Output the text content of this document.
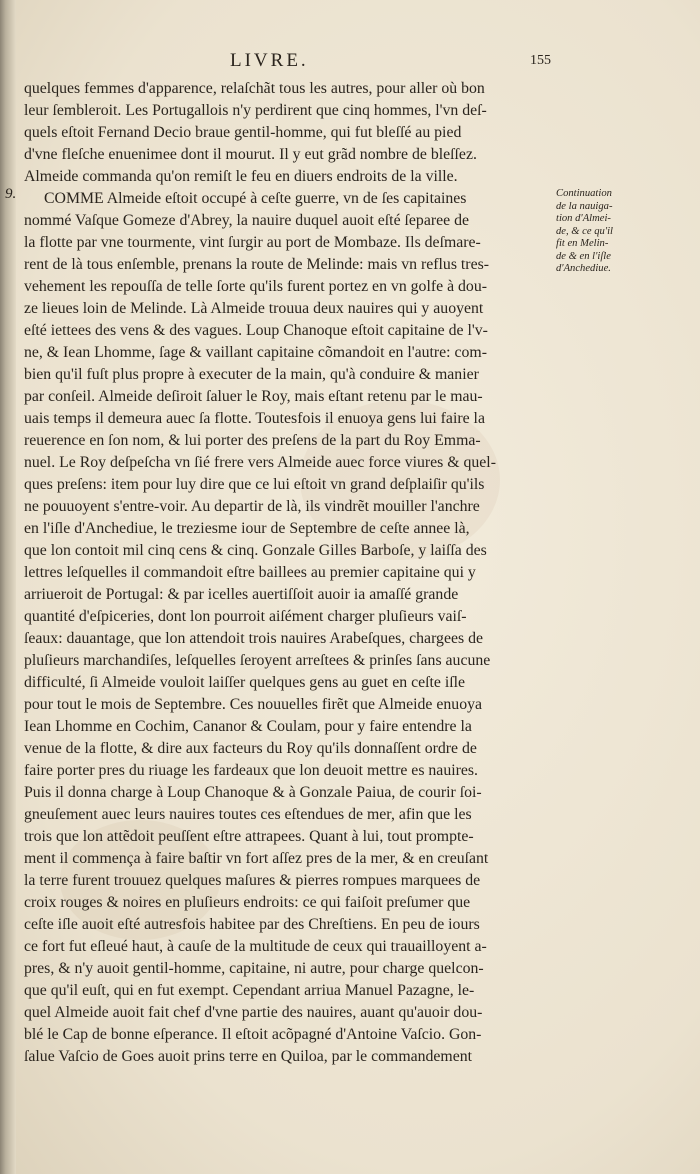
LIVRE.	155
9.
quelques femmes d'apparence, relaſchãt tous les autres, pour aller où bon
leur ſembleroit. Les Portugallois n'y perdirent que cinq hommes, l'vn deſ-
quels eſtoit Fernand Decio braue gentil-homme, qui fut bleſſé au pied
d'vne fleſche enuenimee dont il mourut. Il y eut grãd nombre de bleſſez.
Almeide commanda qu'on remiſt le feu en diuers endroits de la ville.
COMME Almeide eſtoit occupé à ceſte guerre, vn de ſes capitaines
nommé Vaſque Gomeze d'Abrey, la nauire duquel auoit eſté ſeparee de
la flotte par vne tourmente, vint ſurgir au port de Mombaze. Ils deſmare-
rent de là tous enſemble, prenans la route de Melinde: mais vn reflus tres-
vehement les repouſſa de telle ſorte qu'ils furent portez en vn golfe à dou-
ze lieues loin de Melinde. Là Almeide trouua deux nauires qui y auoyent
eſté iettees des vens & des vagues. Loup Chanoque eſtoit capitaine de l'v-
ne, & Iean Lhomme, ſage & vaillant capitaine cõmandoit en l'autre: com-
bien qu'il fuſt plus propre à executer de la main, qu'à conduire & manier
par conſeil. Almeide deſiroit ſaluer le Roy, mais eſtant retenu par le mau-
uais temps il demeura auec ſa flotte. Toutesfois il enuoya gens lui faire la
reuerence en ſon nom, & lui porter des preſens de la part du Roy Emma-
nuel. Le Roy deſpeſcha vn ſié frere vers Almeide auec force viures & quel-
ques preſens: item pour luy dire que ce lui eſtoit vn grand deſplaiſir qu'ils
ne pouuoyent s'entre-voir. Au departir de là, ils vindrẽt mouiller l'anchre
en l'iſle d'Anchediue, le treziesme iour de Septembre de ceſte annee là,
que lon contoit mil cinq cens & cinq. Gonzale Gilles Barboſe, y laiſſa des
lettres leſquelles il commandoit eſtre baillees au premier capitaine qui y
arriueroit de Portugal: & par icelles auertiſſoit auoir ia amaſſé grande
quantité d'eſpiceries, dont lon pourroit aiſément charger pluſieurs vaiſ-
ſeaux: dauantage, que lon attendoit trois nauires Arabeſques, chargees de
pluſieurs marchandiſes, leſquelles ſeroyent arreſtees & prinſes ſans aucune
difficulté, ſi Almeide vouloit laiſſer quelques gens au guet en ceſte iſle
pour tout le mois de Septembre. Ces nouuelles firẽt que Almeide enuoya
Iean Lhomme en Cochim, Cananor & Coulam, pour y faire entendre la
venue de la flotte, & dire aux facteurs du Roy qu'ils donnaſſent ordre de
faire porter pres du riuage les fardeaux que lon deuoit mettre es nauires.
Puis il donna charge à Loup Chanoque & à Gonzale Paiua, de courir ſoi-
gneuſement auec leurs nauires toutes ces eſtendues de mer, afin que les
trois que lon attẽdoit peuſſent eſtre attrapees. Quant à lui, tout prompte-
ment il commença à faire baſtir vn fort aſſez pres de la mer, & en creuſant
la terre furent trouuez quelques maſures & pierres rompues marquees de
croix rouges & noires en pluſieurs endroits: ce qui faiſoit preſumer que
ceſte iſle auoit eſté autresfois habitee par des Chreſtiens. En peu de iours
ce fort fut eſleué haut, à cauſe de la multitude de ceux qui trauailloyent a-
pres, & n'y auoit gentil-homme, capitaine, ni autre, pour charge quelcon-
que qu'il euſt, qui en fut exempt. Cependant arriua Manuel Pazagne, le-
quel Almeide auoit fait chef d'vne partie des nauires, auant qu'auoir dou-
blé le Cap de bonne eſperance. Il eſtoit acõpagné d'Antoine Vaſcio. Gon-
ſalue Vaſcio de Goes auoit prins terre en Quiloa, par le commandement
Continuation
de la nauiga-
tion d'Almei-
de, & ce qu'il
fit en Melin-
de & en l'iſle
d'Anchediue.
